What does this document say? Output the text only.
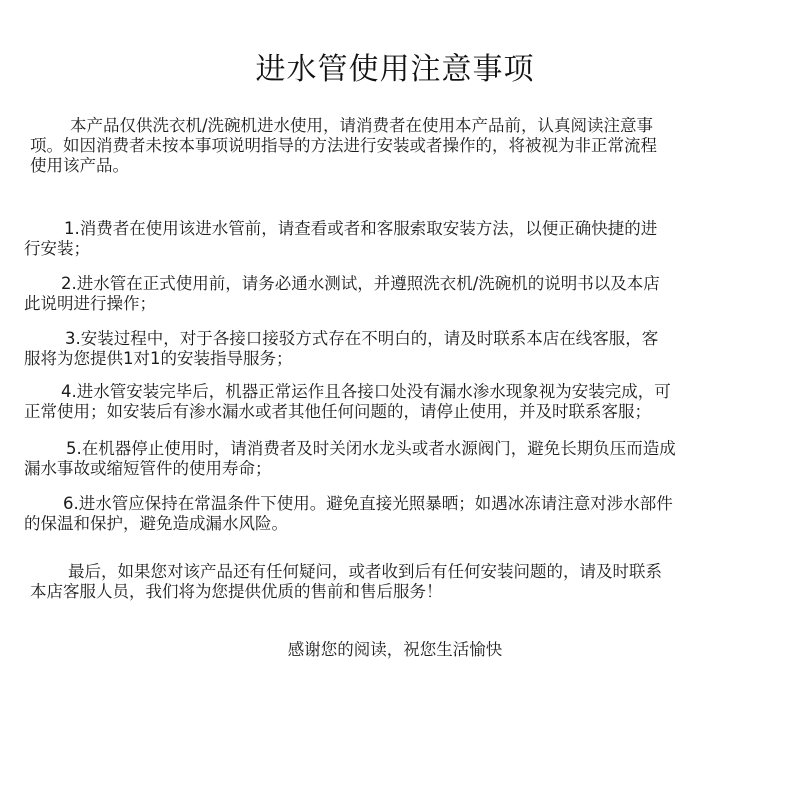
进水管使用注意事项
本产品仅供洗衣机/洗碗机进水使用，请消费者在使用本产品前，认真阅读注意事
项。如因消费者未按本事项说明指导的方法进行安装或者操作的，将被视为非正常流程
使用该产品。
1.消费者在使用该进水管前，请查看或者和客服索取安装方法，以便正确快捷的进
行安装；
2.进水管在正式使用前，请务必通水测试，并遵照洗衣机/洗碗机的说明书以及本店
此说明进行操作；
3.安装过程中，对于各接口接驳方式存在不明白的，请及时联系本店在线客服，客
服将为您提供1对1的安装指导服务；
4.进水管安装完毕后，机器正常运作且各接口处没有漏水渗水现象视为安装完成，可
正常使用；如安装后有渗水漏水或者其他任何问题的，请停止使用，并及时联系客服；
5.在机器停止使用时，请消费者及时关闭水龙头或者水源阀门，避免长期负压而造成
漏水事故或缩短管件的使用寿命；
6.进水管应保持在常温条件下使用。避免直接光照暴晒；如遇冰冻请注意对涉水部件
的保温和保护，避免造成漏水风险。
最后，如果您对该产品还有任何疑问，或者收到后有任何安装问题的，请及时联系
本店客服人员，我们将为您提供优质的售前和售后服务！
感谢您的阅读，祝您生活愉快
